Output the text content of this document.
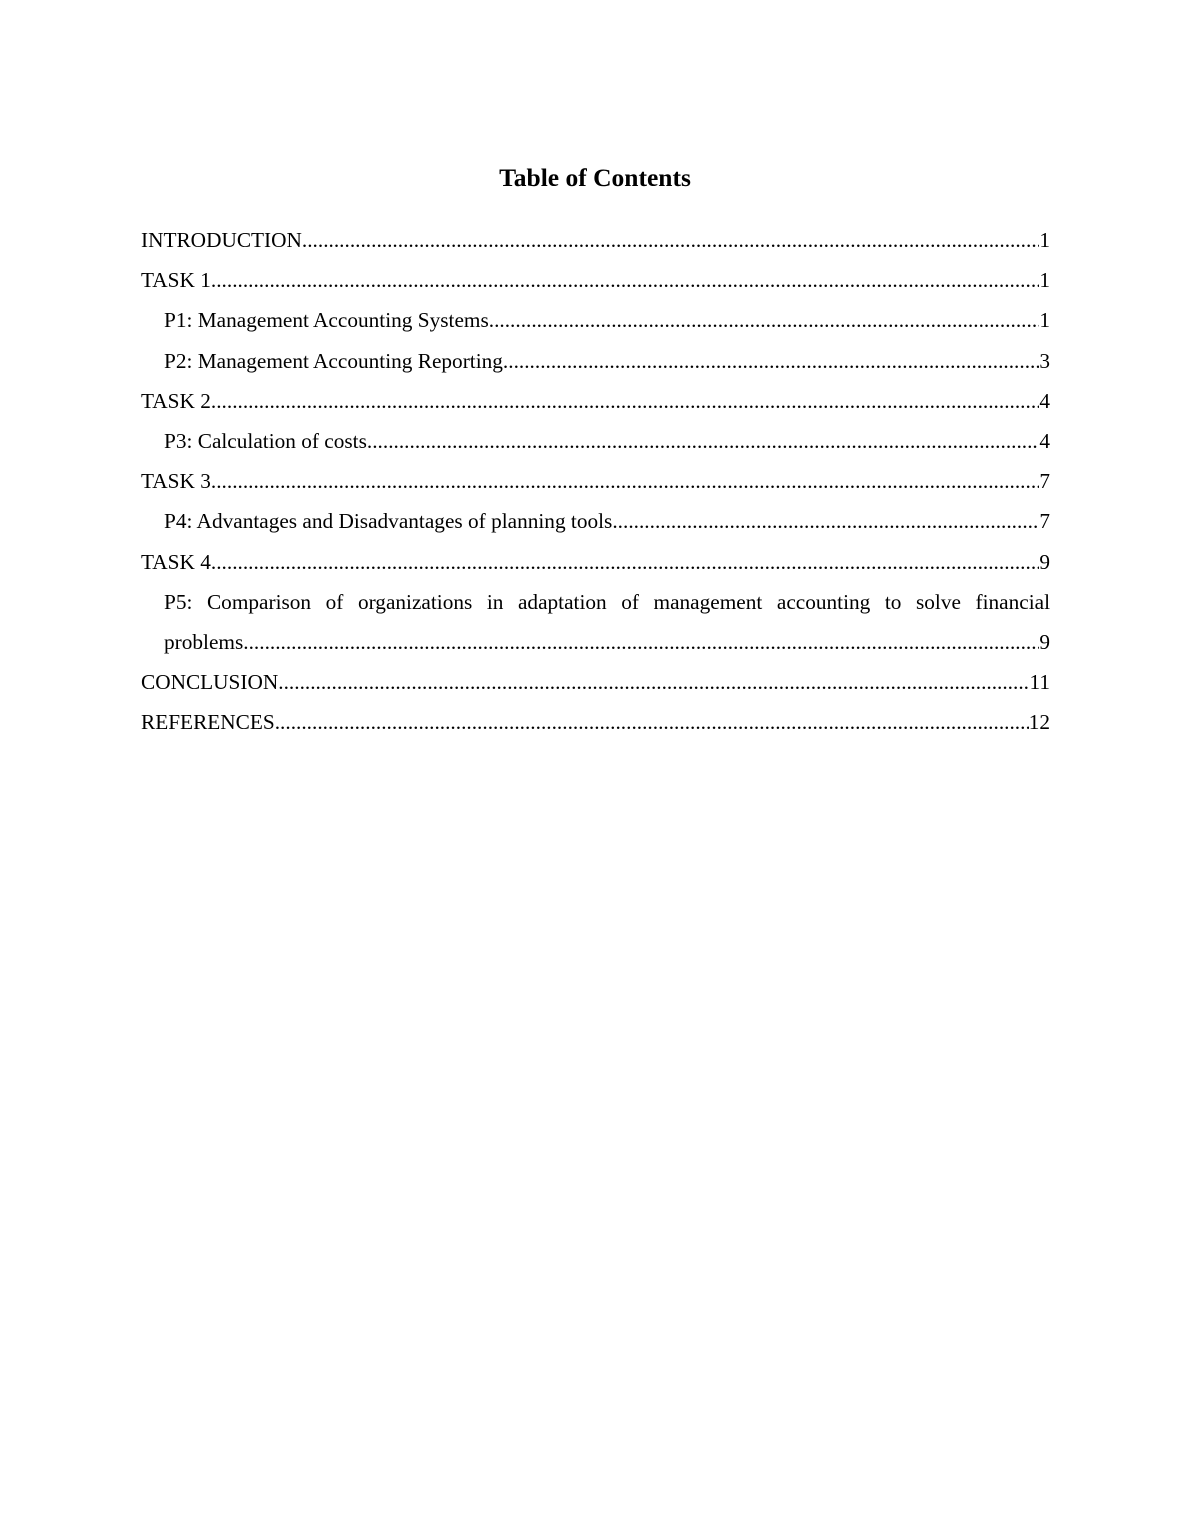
Table of Contents
INTRODUCTION .....	1
TASK 1 .....	1
P1: Management Accounting Systems .....	1
P2: Management Accounting Reporting .....	3
TASK 2 .....	4
P3: Calculation of costs .....	4
TASK 3 .....	7
P4: Advantages and Disadvantages of planning tools .....	7
TASK 4 .....	9
P5: Comparison of organizations in adaptation of management accounting to solve financial
problems .....	9
CONCLUSION .....	11
REFERENCES .....	12
